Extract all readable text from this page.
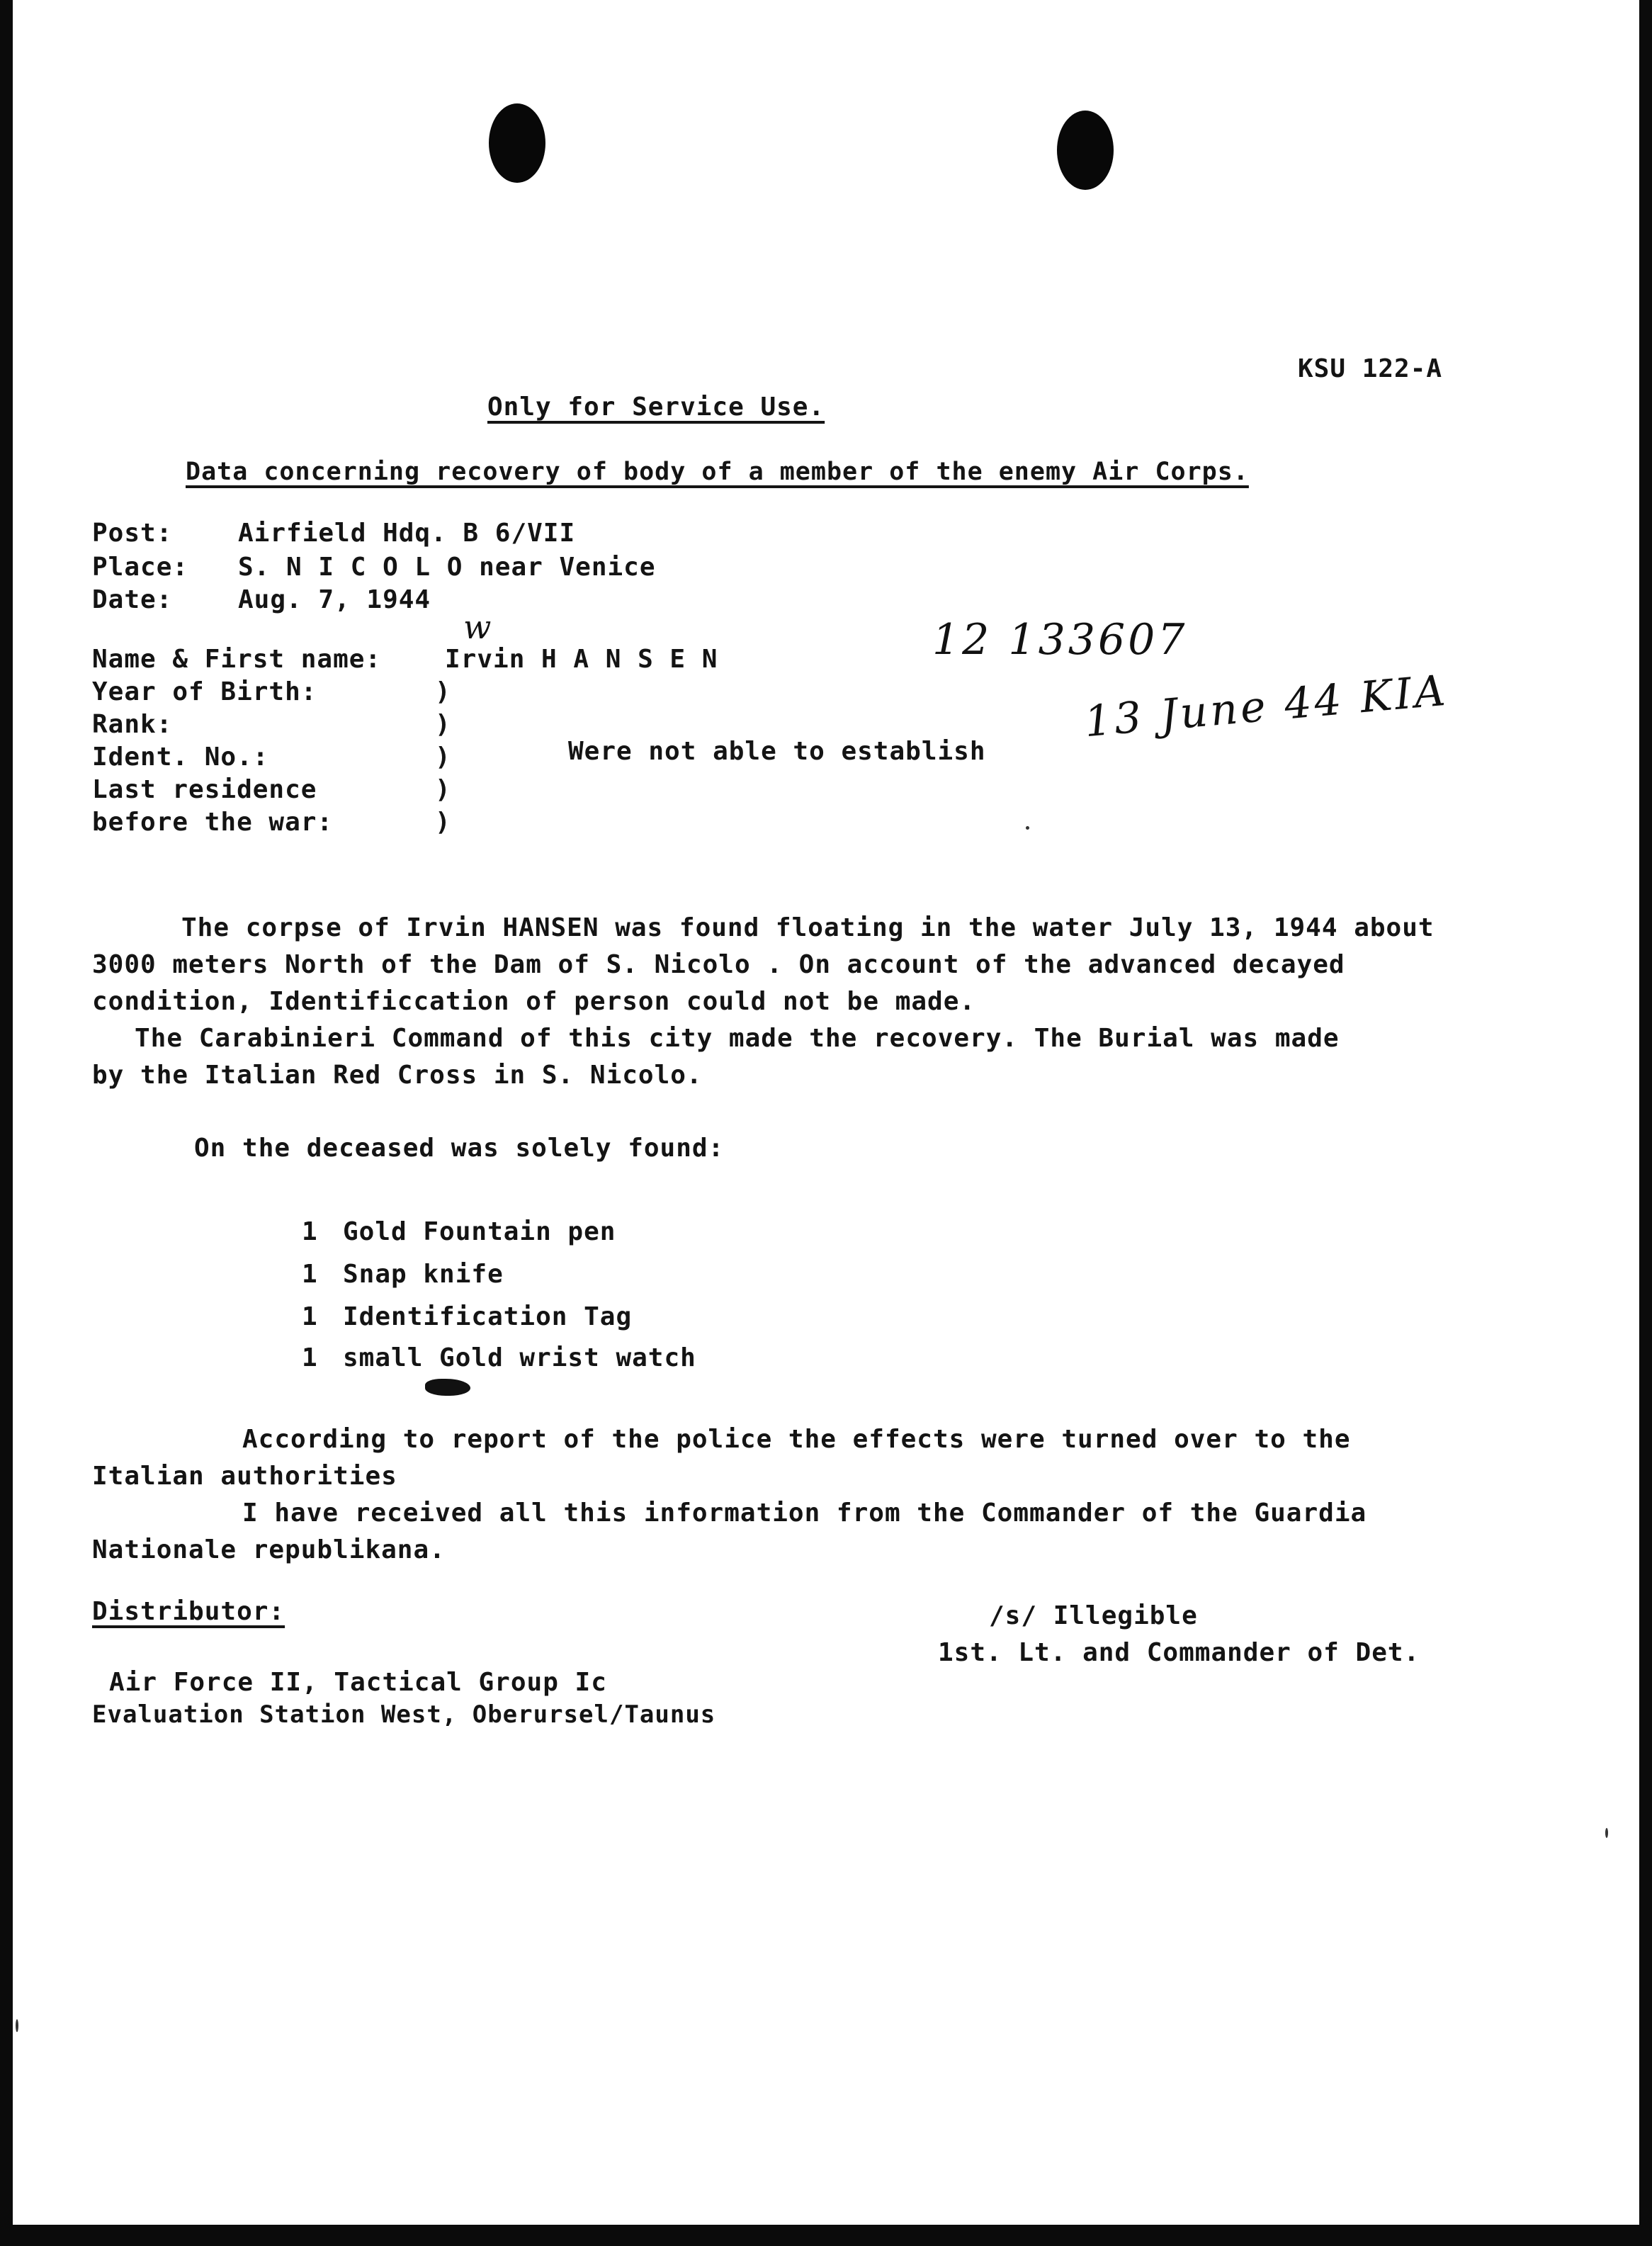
KSU 122-A
Only for Service Use.
Data concerning recovery of body of a member of the enemy Air Corps.
Post:	Airfield Hdq. B 6/VII
Place: S. N I C O L O near Venice
Date:	Aug. 7, 1944
w
Name & First name: Irvin H A N S E N
Year of Birth:
Rank:
Ident. No.:
Last residence
before the war:
)
)
)
)
)
Were not able to establish
12 133607
13 June 44 KIA
The corpse of Irvin HANSEN was found floating in the water July 13, 1944 about
3000 meters North of the Dam of S. Nicolo . On account of the advanced decayed
condition, Identificcation of person could not be made.
The Carabinieri Command of this city made the recovery. The Burial was made
by the Italian Red Cross in S. Nicolo.
On the deceased was solely found:
1 Gold Fountain pen
1 Snap knife
1 Identification Tag
1 small Gold wrist watch
According to report of the police the effects were turned over to the
Italian authorities
I have received all this information from the Commander of the Guardia
Nationale republikana.
/s/ Illegible
1st. Lt. and Commander of Det.
Distributor:
Air Force II, Tactical Group Ic
Evaluation Station West, Oberursel/Taunus
